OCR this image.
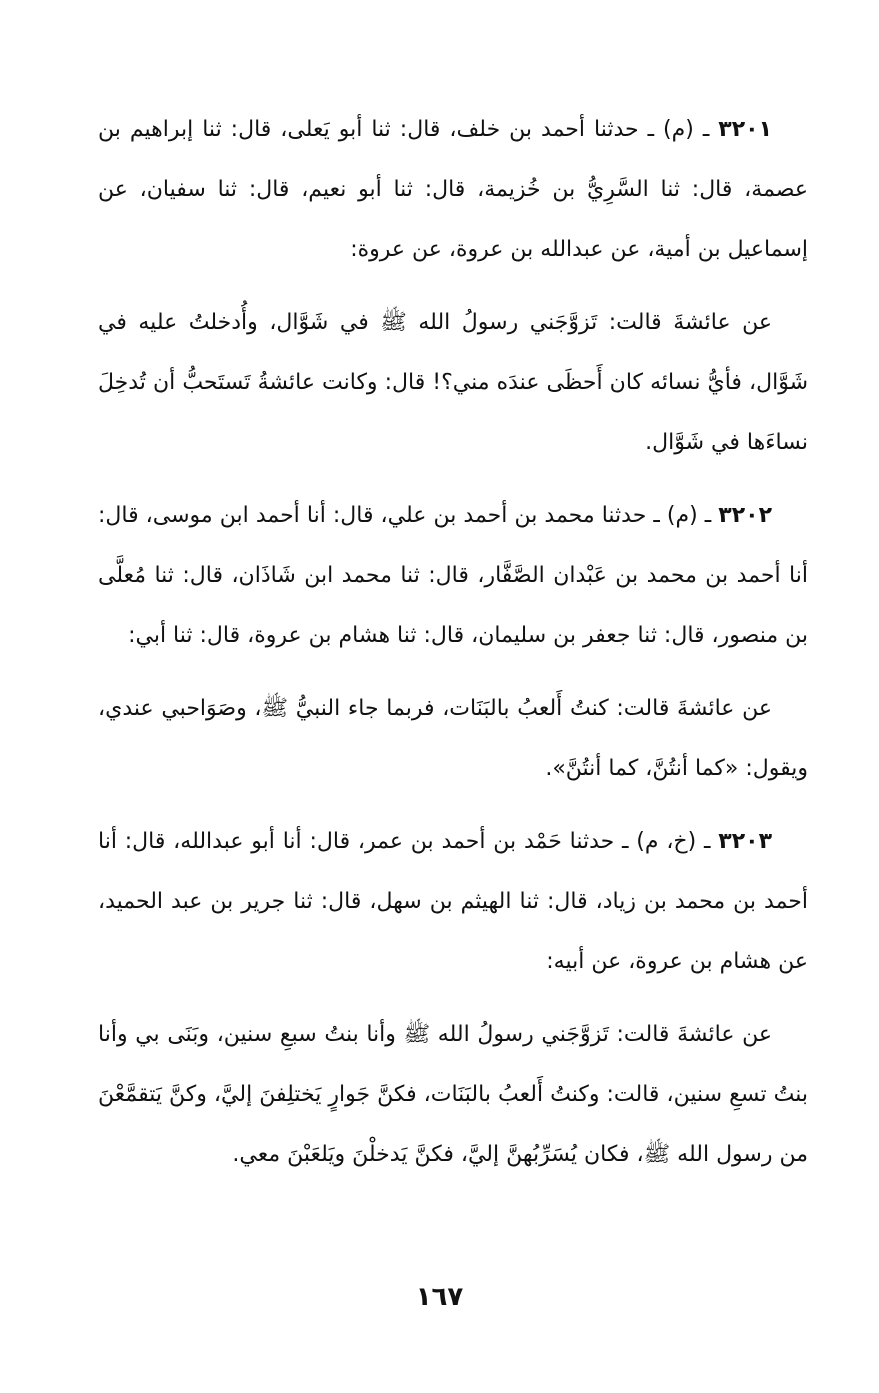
٣٢٠١ ـ (م) ـ حدثنا أحمد بن خلف، قال: ثنا أبو يَعلى، قال: ثنا إبراهيم بن عصمة، قال: ثنا السَّرِيُّ بن خُزيمة، قال: ثنا أبو نعيم، قال: ثنا سفيان، عن إسماعيل بن أمية، عن عبدالله بن عروة، عن عروة:

عن عائشةَ قالت: تَزوَّجَني رسولُ الله ﷺ في شَوَّال، وأُدخلتُ عليه في شَوَّال، فأيُّ نسائه كان أَحظَى عندَه مني؟! قال: وكانت عائشةُ تَستَحبُّ أن تُدخِلَ نساءَها في شَوَّال.

٣٢٠٢ ـ (م) ـ حدثنا محمد بن أحمد بن علي، قال: أنا أحمد ابن موسى، قال: أنا أحمد بن محمد بن عَبْدان الصَّفَّار، قال: ثنا محمد ابن شَاذَان، قال: ثنا مُعلَّى بن منصور، قال: ثنا جعفر بن سليمان، قال: ثنا هشام بن عروة، قال: ثنا أبي:

عن عائشةَ قالت: كنتُ أَلعبُ بالبَنَات، فربما جاء النبيُّ ﷺ، وصَوَاحبي عندي، ويقول: «كما أنتُنَّ، كما أنتُنَّ».

٣٢٠٣ ـ (خ، م) ـ حدثنا حَمْد بن أحمد بن عمر، قال: أنا أبو عبدالله، قال: أنا أحمد بن محمد بن زياد، قال: ثنا الهيثم بن سهل، قال: ثنا جرير بن عبد الحميد، عن هشام بن عروة، عن أبيه:

عن عائشةَ قالت: تَزوَّجَني رسولُ الله ﷺ وأنا بنتُ سبعِ سنين، وبَنَى بي وأنا بنتُ تسعِ سنين، قالت: وكنتُ أَلعبُ بالبَنَات، فكنَّ جَوارٍ يَختلِفنَ إليَّ، وكنَّ يَتقمَّعْنَ من رسول الله ﷺ، فكان يُسَرِّبُهنَّ إليَّ، فكنَّ يَدخلْنَ ويَلعَبْنَ معي.

١٦٧
